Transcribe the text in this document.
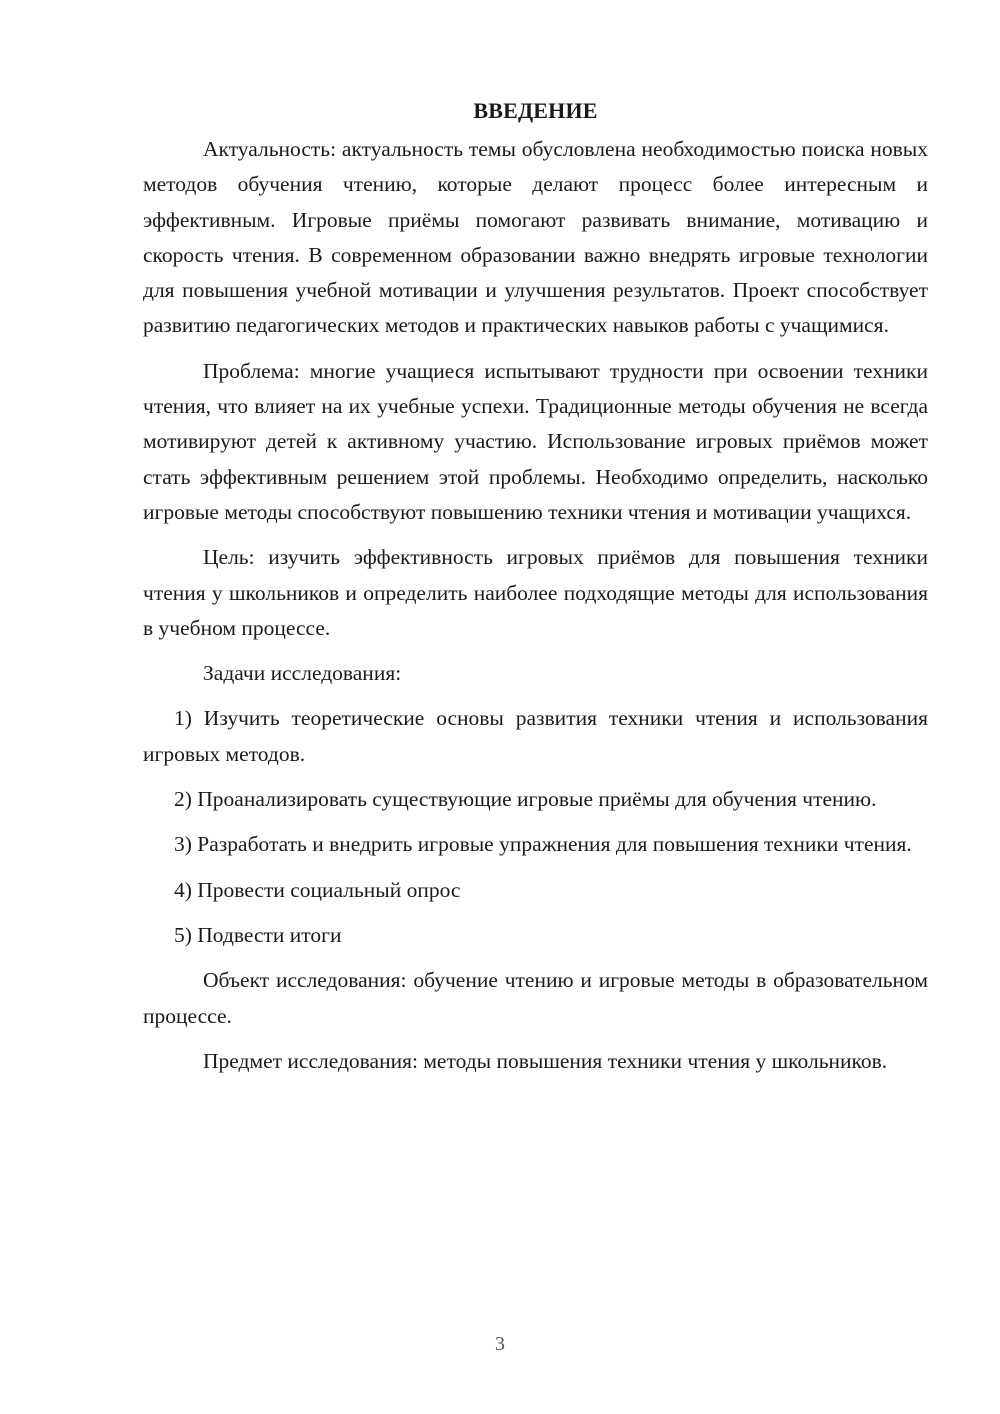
ВВЕДЕНИЕ

Актуальность: актуальность темы обусловлена необходимостью поиска новых методов обучения чтению, которые делают процесс более интересным и эффективным. Игровые приёмы помогают развивать внимание, мотивацию и скорость чтения. В современном образовании важно внедрять игровые технологии для повышения учебной мотивации и улучшения результатов. Проект способствует развитию педагогических методов и практических навыков работы с учащимися.

Проблема: многие учащиеся испытывают трудности при освоении техники чтения, что влияет на их учебные успехи. Традиционные методы обучения не всегда мотивируют детей к активному участию. Использование игровых приёмов может стать эффективным решением этой проблемы. Необходимо определить, насколько игровые методы способствуют повышению техники чтения и мотивации учащихся.

Цель: изучить эффективность игровых приёмов для повышения техники чтения у школьников и определить наиболее подходящие методы для использования в учебном процессе.

Задачи исследования:

1) Изучить теоретические основы развития техники чтения и использования игровых методов.

2) Проанализировать существующие игровые приёмы для обучения чтению.

3) Разработать и внедрить игровые упражнения для повышения техники чтения.

4) Провести социальный опрос

5) Подвести итоги

Объект исследования: обучение чтению и игровые методы в образовательном процессе.

Предмет исследования: методы повышения техники чтения у школьников.

3
